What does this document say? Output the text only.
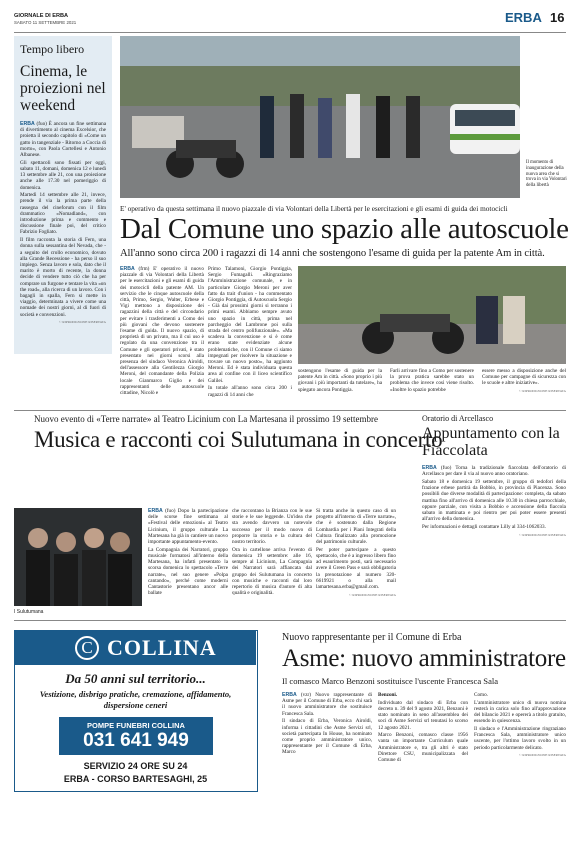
GIORNALE DI ERBA
SABATO 11 SETTEMBRE 2021	ERBA 16
Tempo libero
Cinema, le proiezioni nel weekend

ERBA (fuo) È ancora un fine settimana di divertimento al cinema Excelsior, che proietta il secondo capitolo di «Come un gatto in tangenziale - Ritorno a Coccia di morto», con Paola Cortellesi e Antonio Albanese.

Gli spettacoli sono fissati per oggi, sabato 11, domani, domenica 12 e lunedì 13 settembre alle 21, con una proiezione anche alle 17.30 nel pomeriggio di domenica.

Martedì 14 settembre alle 21, invece, prende il via la prima parte della rassegna del cineforum con il film drammatico «Nomadland», con introduzione prima e commento e discussione finale poi, del critico Fabrizio Fogliato.

Il film racconta la storia di Fern, una donna sulla sessantina del Nevada, che - a seguito del crollo economico, dovuto alla Grande Recessione - ha perso il suo impiego. Senza lavoro e sola, dato che il marito è morto di recente, la donna decide di vendere tutto ciò che ha per comprare un furgone e tentare la vita «on the road», alla ricerca di un lavoro. Con i bagagli in spalla, Fern si mette in viaggio, determinata a vivere come una nomade dei nostri giorni, al di fuori di società e convenzioni.

© RIPRODUZIONE RISERVATA

Il momento di inaugurazione della nuova area che si trova in via Volontari della libertà
E' operativo da questa settimana il nuovo piazzale di via Volontari della Libertà per le esercitazioni e gli esami di guida dei motocicli
Dal Comune uno spazio alle autoscuole
All'anno sono circa 200 i ragazzi di 14 anni che sostengono l'esame di guida per la patente Am in città.

ERBA (frm) E' operativo il nuovo piazzale di via Volontari della Libertà per le esercitazioni e gli esami di guida dei motocicli della patente AM. Un servizio che le cinque autoscuole della città, Primo, Sergio, Walter, Erbese e Vigi mettono a disposizione dei ragazzini della città e del circondario per evitare i trasferimenti a Como dei più giovani che devono sostenere l'esame di guida. Il nuovo spazio, di proprietà di un privato, ma il cui uso è regolato da una convenzione tra il Comune e gli operatori privati, è stato presentato nei giorni scorsi alla presenza del sindaco Veronica Airoldi, dell'assessore alla Gentilezza Giorgio Meroni, del comandante della Polizia locale Gianmarco Giglio e dei rappresentanti delle autoscuole cittadine, Nicolò e

Primo Talamoni, Giorgio Pontiggia, Sergio Fumagalli. «Ringraziamo l'Amministrazione comunale, e in particolare Giorgio Meroni per aver fatto da trait d'union - ha commentato Giorgio Pontiggia, di Autoscuola Sergio - Già dai prossimi giorni si terranno i primi esami. Abbiamo sempre avuto uno spazio in città, prima nel parcheggio del Lambrone poi sulla strada del centro polifunzionale». «Ma scadeva la convenzione e si è come erano state evidenziate alcune problematiche, con il Comune ci siamo impegnati per risolvere la situazione e trovare un nuovo posto», ha aggiunto Meroni. Ed è stata individuata questa area al confine con il liceo scientifico Galilei.

In totale all'anno sono circa 200 i ragazzi di 14 anni che

sostengono l'esame di guida per la patente Am in città. «Sono proprio i più giovani i più importanti da tutelare», ha spiegato ancora Pontiggia.

Farli arrivare fino a Como per sostenere la prova pratica sarebbe stato un problema che invece così viene risolto. «Inoltre lo spazio potrebbe

essere messo a disposizione anche del Comune per campagne di sicurezza con le scuole e altre iniziative».

© RIPRODUZIONE RISERVATA

Nuovo evento di «Terre narrate» al Teatro Licinium con La Martesana il prossimo 19 settembre
Musica e racconti coi Sulutumana in concerto
I Sulutumana

ERBA (fuo) Dopo la partecipazione delle scorse fine settimana al «Festival delle emozioni» al Teatro Licinium, il gruppo culturale La Martesana ha già in cantiere un nuovo importante appuntamento-evento.

La Compagnia dei Narratori, gruppo musicale formatosi all'interno della Martesana, ha infatti presentato la scorsa domenica lo spettacolo «Terre narrate», nel suo genere «Polpa cantando», perché come moderni Cantastorie presentano ancor alle ballate

che raccontano la Brianza con le sue storie e le sue leggende. Un'idea che sta avendo davvero un notevole successo per il modo nuovo di proporre la storia e la cultura del nostro territorio.

Ora in cartellone arriva l'evento di domenica 19 settembre: alle 16, sempre al Licinium, La Compagnia dei Narratori sarà affiancata dal gruppo dei Sulutumana in concerto con musiche e racconti dal loro repertorio di musica d'autore di alta qualità e originalità.

Si tratta anche in questo caso di un progetto all'interno di «Terre narrate», che è sostenuto dalla Regione Lombardia per i Piani Integrati della Cultura finalizzato alla promozione del patrimonio culturale.

Per poter partecipare a questo spettacolo, che è a ingresso libero fino ad esaurimento posti, sarà necessario avere il Green Pass e sarà obbligatoria la prenotazione al numero 320-6619921 o alla mail lamartesana.erba@gmail.com.

© RIPRODUZIONE RISERVATA

Oratorio di Arcellasco
Appuntamento con la Fiaccolata

ERBA (fuo) Torna la tradizionale fiaccolata dell'oratorio di Arcellasco per dare il via al nuovo anno oratoriano.

Sabato 18 e domenica 19 settembre, il gruppo di tedofori della frazione erbese partirà da Bobbio, in provincia di Piacenza. Sono possibili due diverse modalità di partecipazione: completa, da sabato mattina fino all'arrivo di domenica alle 10.30 in chiesa parrocchiale, oppure parziale, con visita a Bobbio e accensione della fiaccola sabato in mattinata e poi rientro per poi poter essere presenti all'arrivo della domenica.

Per informazioni e dettagli contattare Lilly al 334-1062033.

© RIPRODUZIONE RISERVATA

C COLLINA
Da 50 anni sul territorio...
Vestizione, disbrigo pratiche, cremazione, affidamento, dispersione ceneri
POMPE FUNEBRI COLLINA
031 641 949
SERVIZIO 24 ORE SU 24
ERBA - CORSO BARTESAGHI, 25
Nuovo rappresentante per il Comune di Erba
Asme: nuovo amministratore
Il comasco Marco Benzoni sostituisce l'uscente Francesca Sala

ERBA (vzr) Nuovo rappresentante di Asme per il Comune di Erba, ecco chi sarà il nuovo amministratore che sostituisce Francesca Sala.

Il sindaco di Erba, Veronica Airoldi, informa i cittadini che Asme Servizi srl, società partecipata In House, ha nominato come proprio amministratore unico, rappresentante per il Comune di Erba, Marco

Benzoni.

Individuato dal sindaco di Erba con decreto n. 39 del 9 agosto 2021, Benzoni è stato nominato in seno all'assemblea dei soci di Asme Servizi srl tenutasi lo scorso 12 agosto 2021.

Marco Benzoni, comasco classe 1956 vanta un importante Curriculum quale Amministratore e, tra gli altri è stato Direttore CSU, municipalizzata del Comune di

Como.

L'amministratore unico di nuova nomina resterà in carica solo fino all'approvazione del bilancio 2021 e opererà a titolo gratuito, essendo in quiescenza.

Il sindaco e l'Amministrazione ringraziano Francesca Sala, amministratore unico uscente, per l'ottimo lavoro svolto in un periodo particolarmente delicato.

© RIPRODUZIONE RISERVATA
